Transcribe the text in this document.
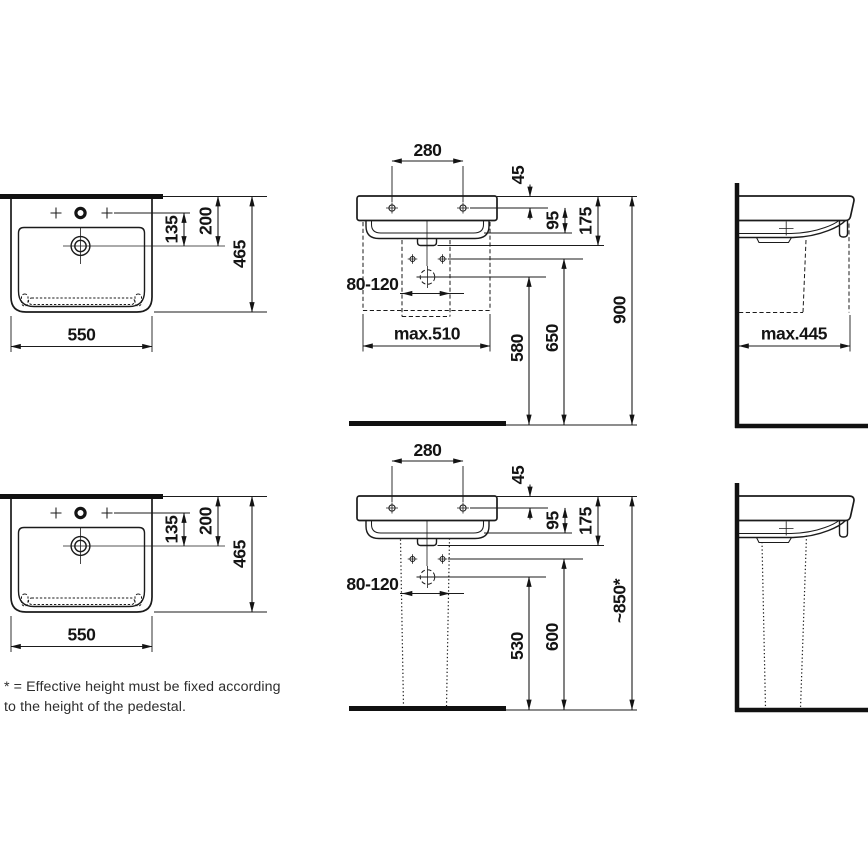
550
135 200
465
280
45
95 175
80-120
max.510
580 650
900
max.445
550
135 200
465
280
45
95 175
80-120
530 600
~850*
* = Effective height must be fixed according
to the height of the pedestal.
